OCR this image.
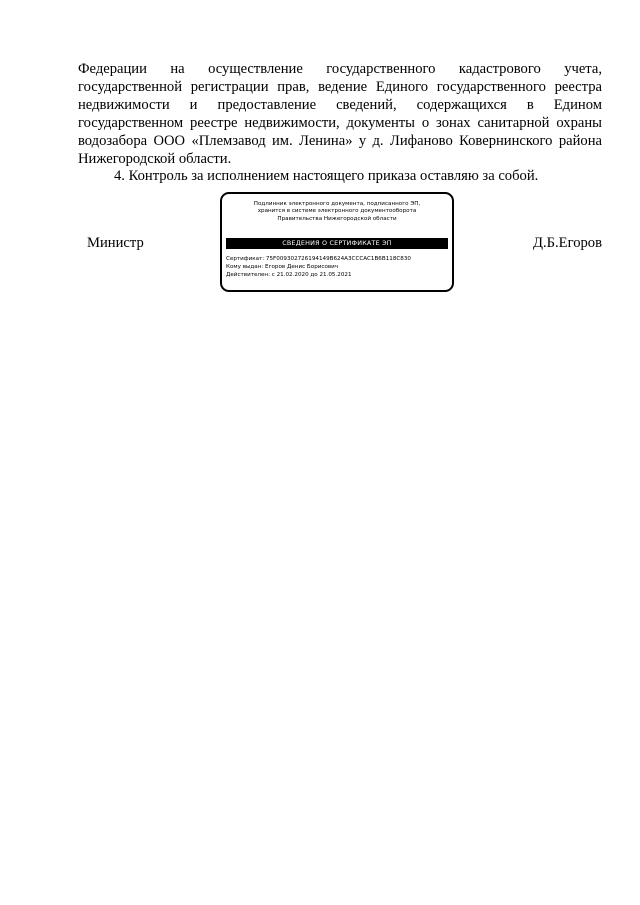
Федерации на осуществление государственного кадастрового учета, государственной регистрации прав, ведение Единого государственного реестра недвижимости и предоставление сведений, содержащихся в Едином государственном реестре недвижимости, документы о зонах санитарной охраны водозабора ООО «Племзавод им. Ленина» у д. Лифаново Ковернинского района Нижегородской области.

4. Контроль за исполнением настоящего приказа оставляю за собой.

Министр
Подлинник электронного документа, подписанного ЭП,
хранится в системе электронного документооборота
Правительства Нижегородской области
СВЕДЕНИЯ О СЕРТИФИКАТЕ ЭП
Сертификат: 75F009302726194149B624A3CCCAC1B6B118C830
Кому выдан: Егоров Денис Борисович
Действителен: с 21.02.2020 до 21.05.2021
Д.Б.Егоров
